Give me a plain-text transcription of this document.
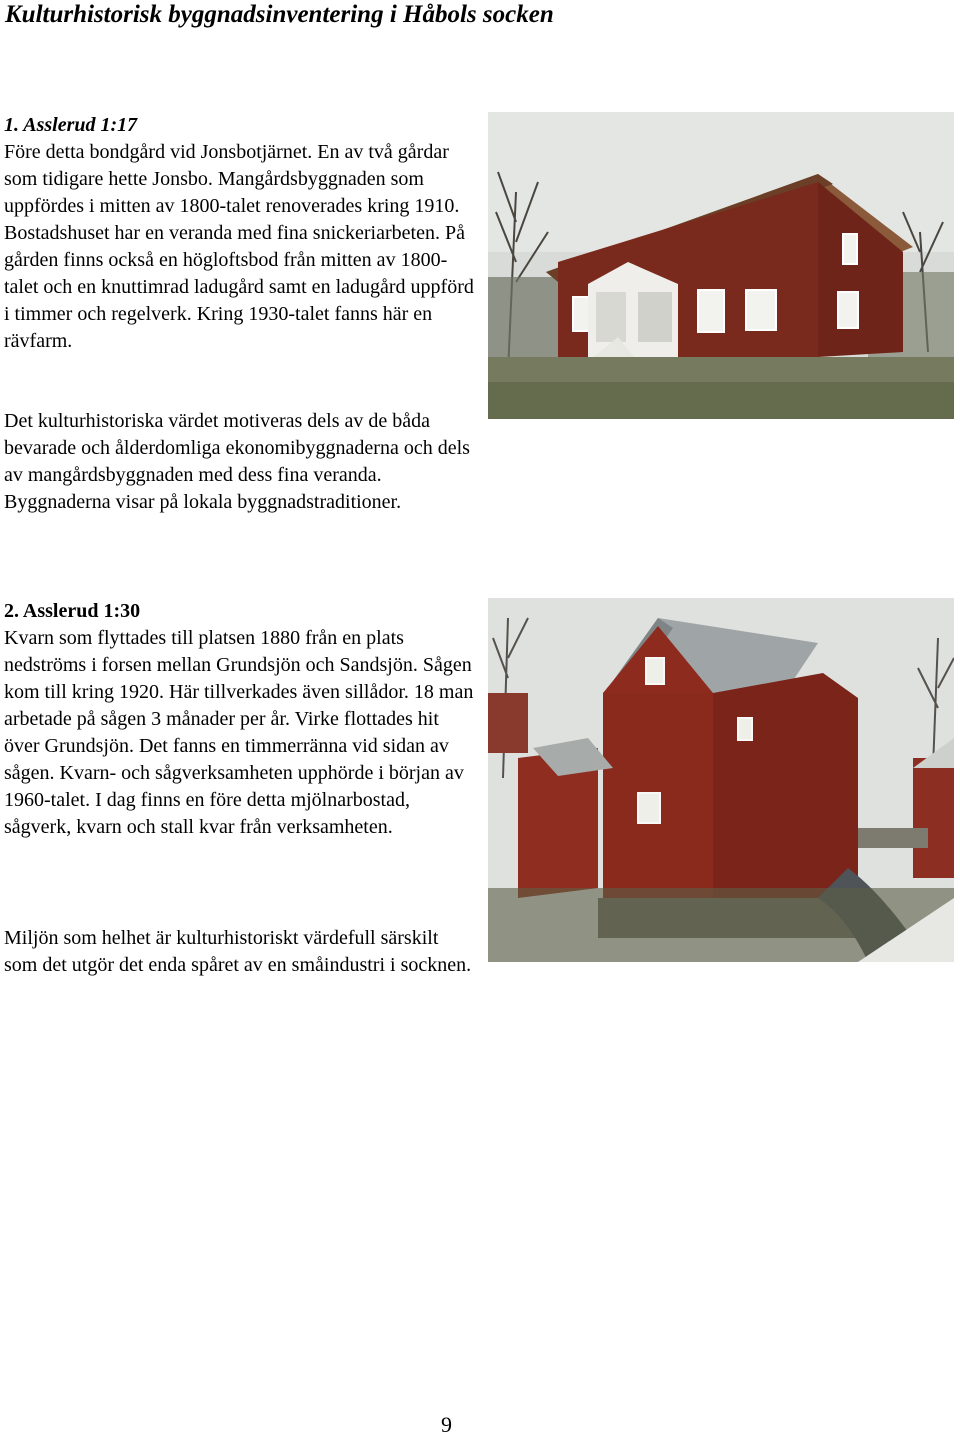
Kulturhistorisk byggnadsinventering i Håbols socken

1. Asslerud 1:17

Före detta bondgård vid Jonsbotjärnet. En av två gårdar som tidigare hette Jonsbo. Mangårdsbyggnaden som uppfördes i mitten av 1800-talet renoverades kring 1910. Bostadshuset har en veranda med fina snickeriarbeten. På gården finns också en högloftsbod från mitten av 1800-talet och en knuttimrad ladugård samt en ladugård uppförd i timmer och regelverk. Kring 1930-talet fanns här en rävfarm.

Det kulturhistoriska värdet motiveras dels av de båda bevarade och ålderdomliga ekonomibyggnaderna och dels av mangårdsbyggnaden med dess fina veranda. Byggnaderna visar på lokala byggnadstraditioner.

2. Asslerud 1:30

Kvarn som flyttades till platsen 1880 från en plats nedströms i forsen mellan Grundsjön och Sandsjön. Sågen kom till kring 1920. Här tillverkades även sillådor. 18 man arbetade på sågen 3 månader per år. Virke flottades hit över Grundsjön. Det fanns en timmerränna vid sidan av sågen. Kvarn- och sågverksamheten upphörde i början av 1960-talet. I dag finns en före detta mjölnarbostad, sågverk, kvarn och stall kvar från verksamheten.

Miljön som helhet är kulturhistoriskt värdefull särskilt som det utgör det enda spåret av en småindustri i socknen.

9
